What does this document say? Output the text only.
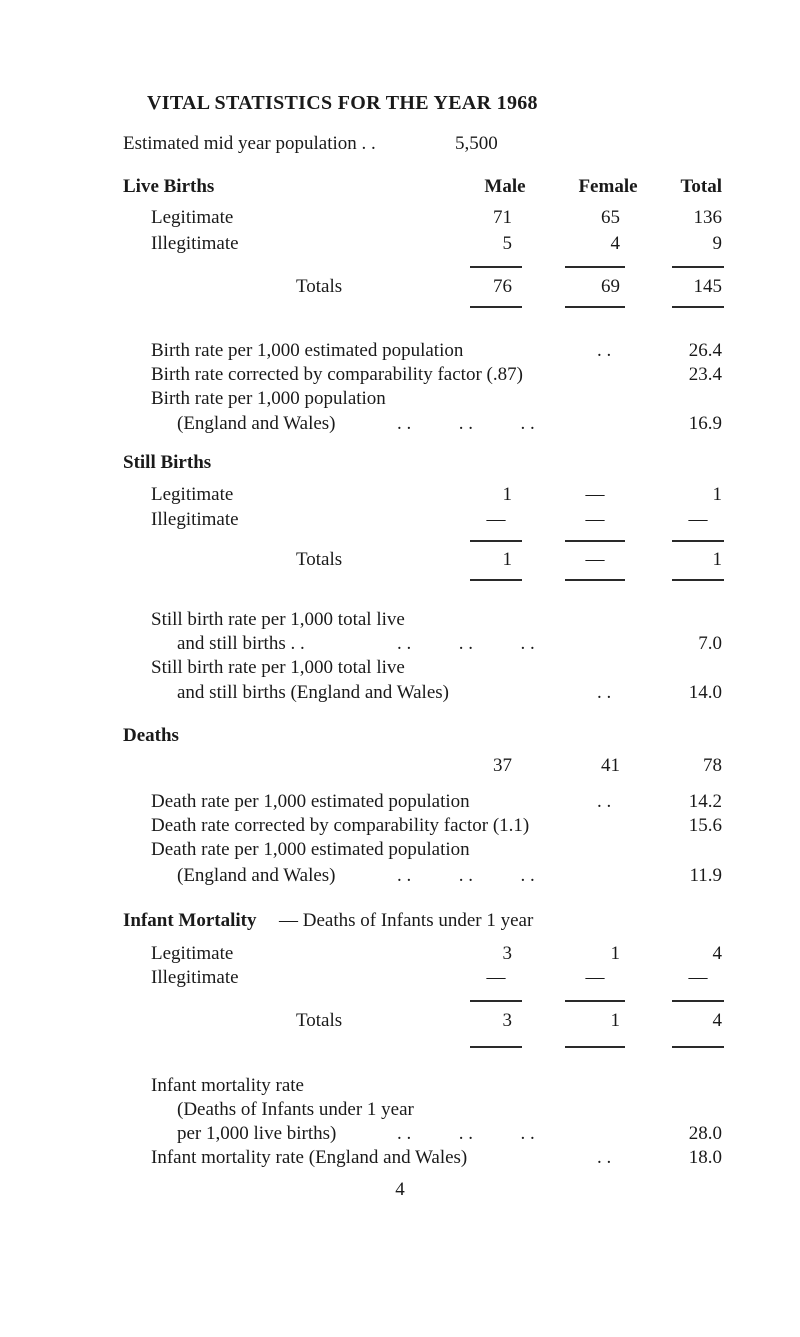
VITAL STATISTICS FOR THE YEAR 1968
Estimated mid year population . .	5,500
Live Births	Male	Female	Total
Legitimate	71	65	136
Illegitimate	5	4	9
Totals	76	69	145
Birth rate per 1,000 estimated population	. .	26.4
Birth rate corrected by comparability factor (.87)	23.4
Birth rate per 1,000 population
(England and Wales)	. .          . .          . .	16.9
Still Births
Legitimate	1	—	1
Illegitimate	—	—	—
Totals	1	—	1
Still birth rate per 1,000 total live
and still births . .	. .          . .          . .	7.0
Still birth rate per 1,000 total live
and still births (England and Wales)	. .	14.0
Deaths
37	41	78
Death rate per 1,000 estimated population	. .	14.2
Death rate corrected by comparability factor (1.1)	15.6
Death rate per 1,000 estimated population
(England and Wales)	. .          . .          . .	11.9
Infant Mortality — Deaths of Infants under 1 year
Legitimate	3	1	4
Illegitimate	—	—	—
Totals	3	1	4
Infant mortality rate
(Deaths of Infants under 1 year
per 1,000 live births)	. .          . .          . .	28.0
Infant mortality rate (England and Wales)	. .	18.0
4
